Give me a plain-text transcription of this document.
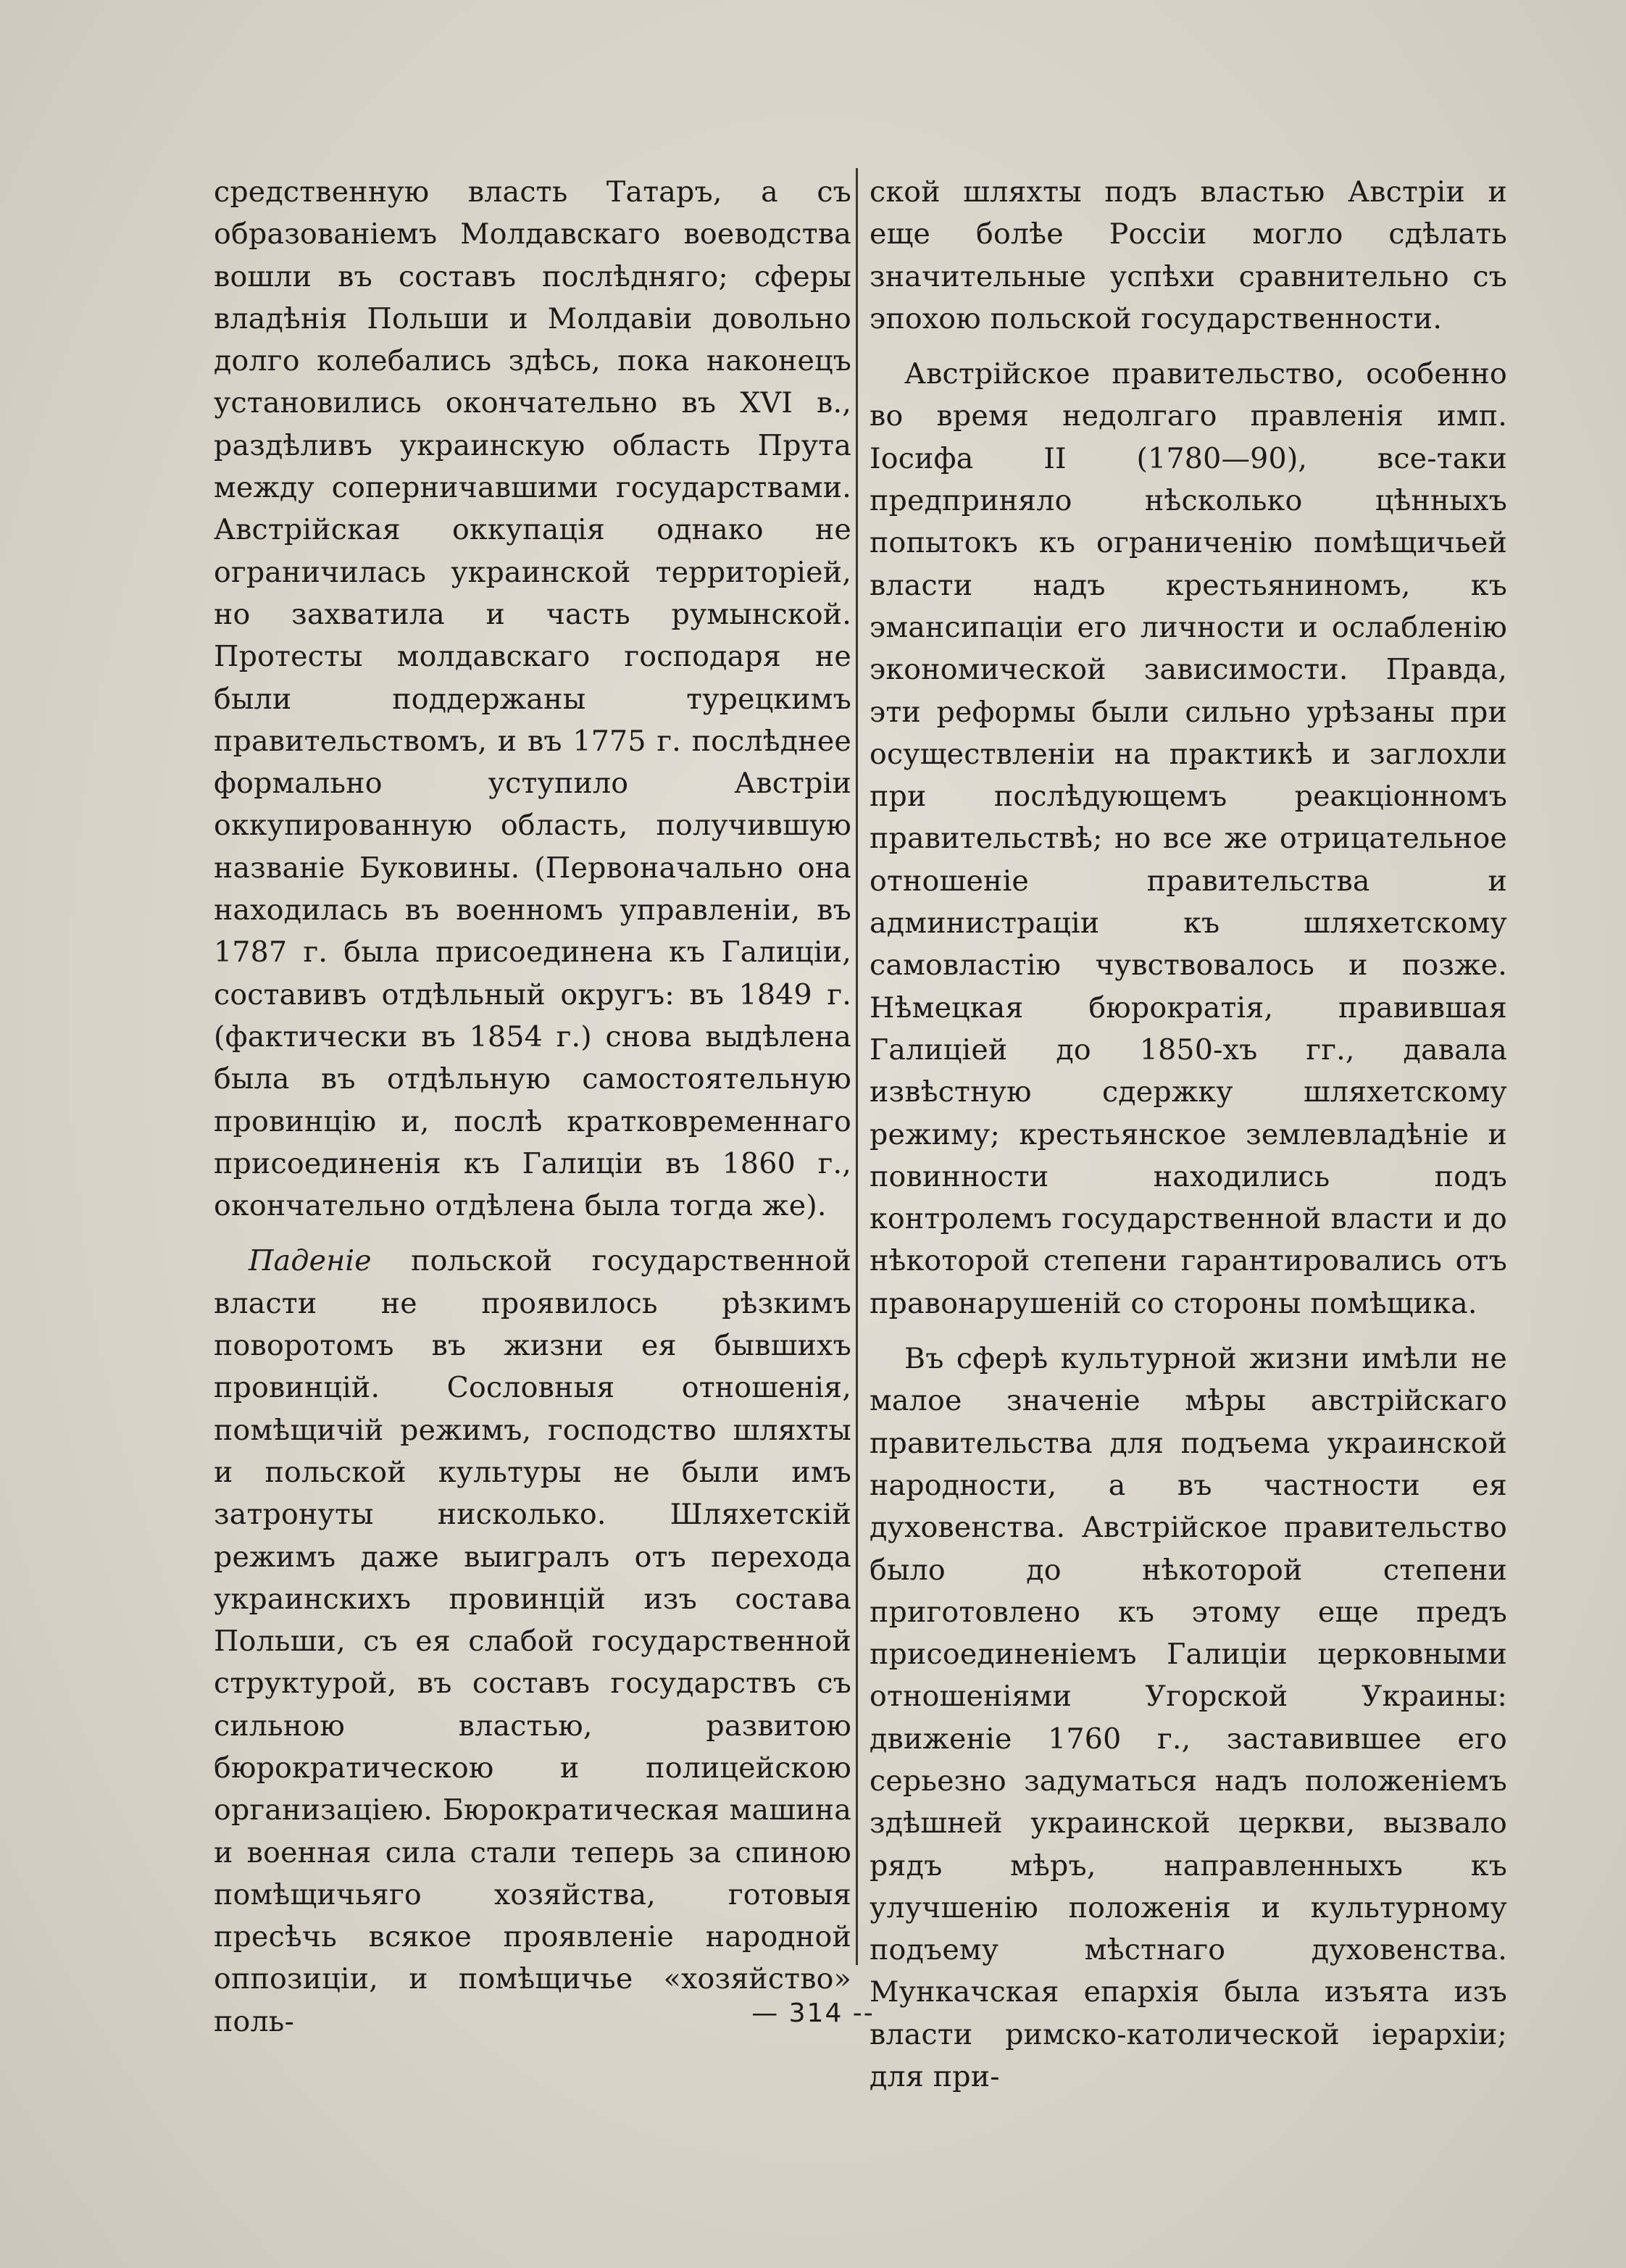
средственную власть Татаръ, а съ образованіемъ Молдавскаго воеводства вошли въ составъ послѣдняго; сферы владѣнія Польши и Молдавіи довольно долго колебались здѣсь, пока наконецъ установились окончательно въ XVI в., раздѣливъ украинскую область Прута между соперничавшими государствами. Австрійская оккупація однако не ограничилась украинской территоріей, но захватила и часть румынской. Протесты молдавскаго господаря не были поддержаны турецкимъ правительствомъ, и въ 1775 г. послѣднее формально уступило Австріи оккупированную область, получившую названіе Буковины. (Первоначально она находилась въ военномъ управленіи, въ 1787 г. была присоединена къ Галиціи, составивъ отдѣльный округъ: въ 1849 г. (фактически въ 1854 г.) снова выдѣлена была въ отдѣльную самостоятельную провинцію и, послѣ кратковременнаго присоединенія къ Галиціи въ 1860 г., окончательно отдѣлена была тогда же).

Паденіе польской государственной власти не проявилось рѣзкимъ поворотомъ въ жизни ея бывшихъ провинцій. Сословныя отношенія, помѣщичій режимъ, господство шляхты и польской культуры не были имъ затронуты нисколько. Шляхетскій режимъ даже выигралъ отъ перехода украинскихъ провинцій изъ состава Польши, съ ея слабой государственной структурой, въ составъ государствъ съ сильною властью, развитою бюрократическою и полицейскою организаціею. Бюрократическая машина и военная сила стали теперь за спиною помѣщичьяго хозяйства, готовыя пресѣчь всякое проявленіе народной оппозиціи, и помѣщичье «хозяйство» поль-

ской шляхты подъ властью Австріи и еще болѣе Россіи могло сдѣлать значительные успѣхи сравнительно съ эпохою польской государственности.

Австрійское правительство, особенно во время недолгаго правленія имп. Іосифа II (1780—90), все-таки предприняло нѣсколько цѣнныхъ попытокъ къ ограниченію помѣщичьей власти надъ крестьяниномъ, къ эмансипаціи его личности и ослабленію экономической зависимости. Правда, эти реформы были сильно урѣзаны при осуществленіи на практикѣ и заглохли при послѣдующемъ реакціонномъ правительствѣ; но все же отрицательное отношеніе правительства и администраціи къ шляхетскому самовластію чувствовалось и позже. Нѣмецкая бюрократія, правившая Галиціей до 1850-хъ гг., давала извѣстную сдержку шляхетскому режиму; крестьянское землевладѣніе и повинности находились подъ контролемъ государственной власти и до нѣкоторой степени гарантировались отъ правонарушеній со стороны помѣщика.

Въ сферѣ культурной жизни имѣли не малое значеніе мѣры австрійскаго правительства для подъема украинской народности, а въ частности ея духовенства. Австрійское правительство было до нѣкоторой степени приготовлено къ этому еще предъ присоединеніемъ Галиціи церковными отношеніями Угорской Украины: движеніе 1760 г., заставившее его серьезно задуматься надъ положеніемъ здѣшней украинской церкви, вызвало рядъ мѣръ, направленныхъ къ улучшенію положенія и культурному подъему мѣстнаго духовенства. Мункачская епархія была изъята изъ власти римско-католической іерархіи; для при-

— 314 --
